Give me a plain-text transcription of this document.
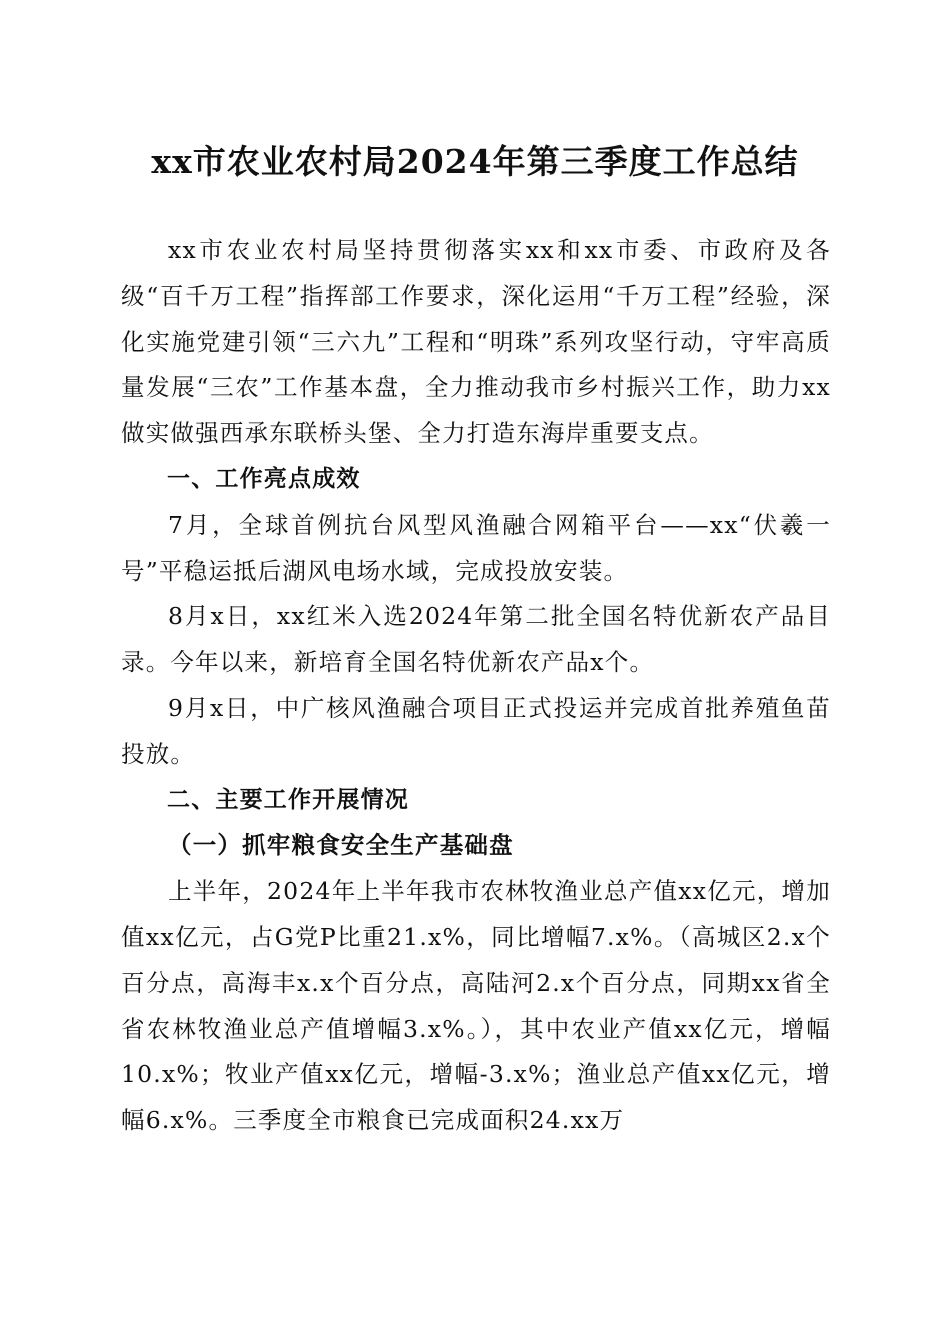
xx市农业农村局2024年第三季度工作总结

xx市农业农村局坚持贯彻落实xx和xx市委、市政府及各级“百千万工程”指挥部工作要求，深化运用“千万工程”经验，深化实施党建引领“三六九”工程和“明珠”系列攻坚行动，守牢高质量发展“三农”工作基本盘，全力推动我市乡村振兴工作，助力xx做实做强西承东联桥头堡、全力打造东海岸重要支点。

一、工作亮点成效

7月，全球首例抗台风型风渔融合网箱平台——xx“伏羲一号”平稳运抵后湖风电场水域，完成投放安装。

8月x日，xx红米入选2024年第二批全国名特优新农产品目录。今年以来，新培育全国名特优新农产品x个。

9月x日，中广核风渔融合项目正式投运并完成首批养殖鱼苗投放。

二、主要工作开展情况

（一）抓牢粮食安全生产基础盘

上半年，2024年上半年我市农林牧渔业总产值xx亿元，增加值xx亿元，占G党P比重21.x%，同比增幅7.x%。（高城区2.x个百分点，高海丰x.x个百分点，高陆河2.x个百分点，同期xx省全省农林牧渔业总产值增幅3.x%。），其中农业产值xx亿元，增幅10.x%；牧业产值xx亿元，增幅-3.x%；渔业总产值xx亿元，增幅6.x%。三季度全市粮食已完成面积24.xx万
